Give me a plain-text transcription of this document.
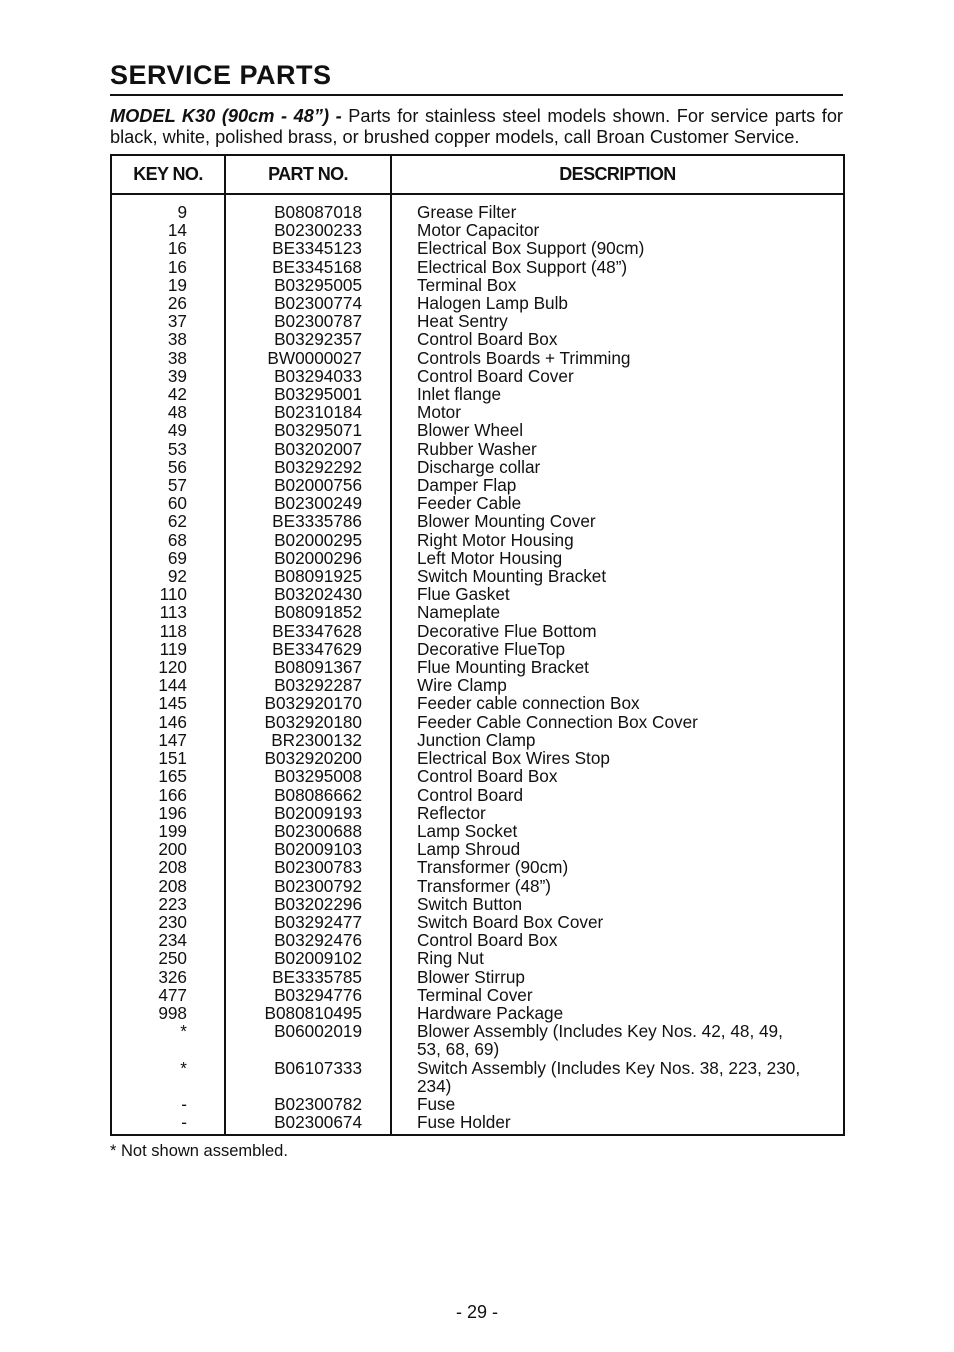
SERVICE PARTS
MODEL K30 (90cm - 48”) - Parts for stainless steel models shown. For service parts for black, white, polished brass, or brushed copper models, call Broan Customer Service.
KEY NO.	PART NO.	DESCRIPTION

9	B08087018	Grease Filter
14	B02300233	Motor Capacitor
16	BE3345123	Electrical Box Support (90cm)
16	BE3345168	Electrical Box Support (48”)
19	B03295005	Terminal Box
26	B02300774	Halogen Lamp Bulb
37	B02300787	Heat Sentry
38	B03292357	Control Board Box
38	BW0000027	Controls Boards + Trimming
39	B03294033	Control Board Cover
42	B03295001	Inlet flange
48	B02310184	Motor
49	B03295071	Blower Wheel
53	B03202007	Rubber Washer
56	B03292292	Discharge collar
57	B02000756	Damper Flap
60	B02300249	Feeder Cable
62	BE3335786	Blower Mounting Cover
68	B02000295	Right Motor Housing
69	B02000296	Left Motor Housing
92	B08091925	Switch Mounting Bracket
110	B03202430	Flue Gasket
113	B08091852	Nameplate
118	BE3347628	Decorative Flue Bottom
119	BE3347629	Decorative FlueTop
120	B08091367	Flue Mounting Bracket
144	B03292287	Wire Clamp
145	B032920170	Feeder cable connection Box
146	B032920180	Feeder Cable Connection Box Cover
147	BR2300132	Junction Clamp
151	B032920200	Electrical Box Wires Stop
165	B03295008	Control Board Box
166	B08086662	Control Board
196	B02009193	Reflector
199	B02300688	Lamp Socket
200	B02009103	Lamp Shroud
208	B02300783	Transformer (90cm)
208	B02300792	Transformer (48”)
223	B03202296	Switch Button
230	B03292477	Switch Board Box Cover
234	B03292476	Control Board Box
250	B02009102	Ring Nut
326	BE3335785	Blower Stirrup
477	B03294776	Terminal Cover
998	B080810495	Hardware Package
*	B06002019	Blower Assembly (Includes Key Nos. 42, 48, 49, 53, 68, 69)
*	B06107333	Switch Assembly (Includes Key Nos. 38, 223, 230, 234)
-	B02300782	Fuse
-	B02300674	Fuse Holder

* Not shown assembled.
- 29 -
